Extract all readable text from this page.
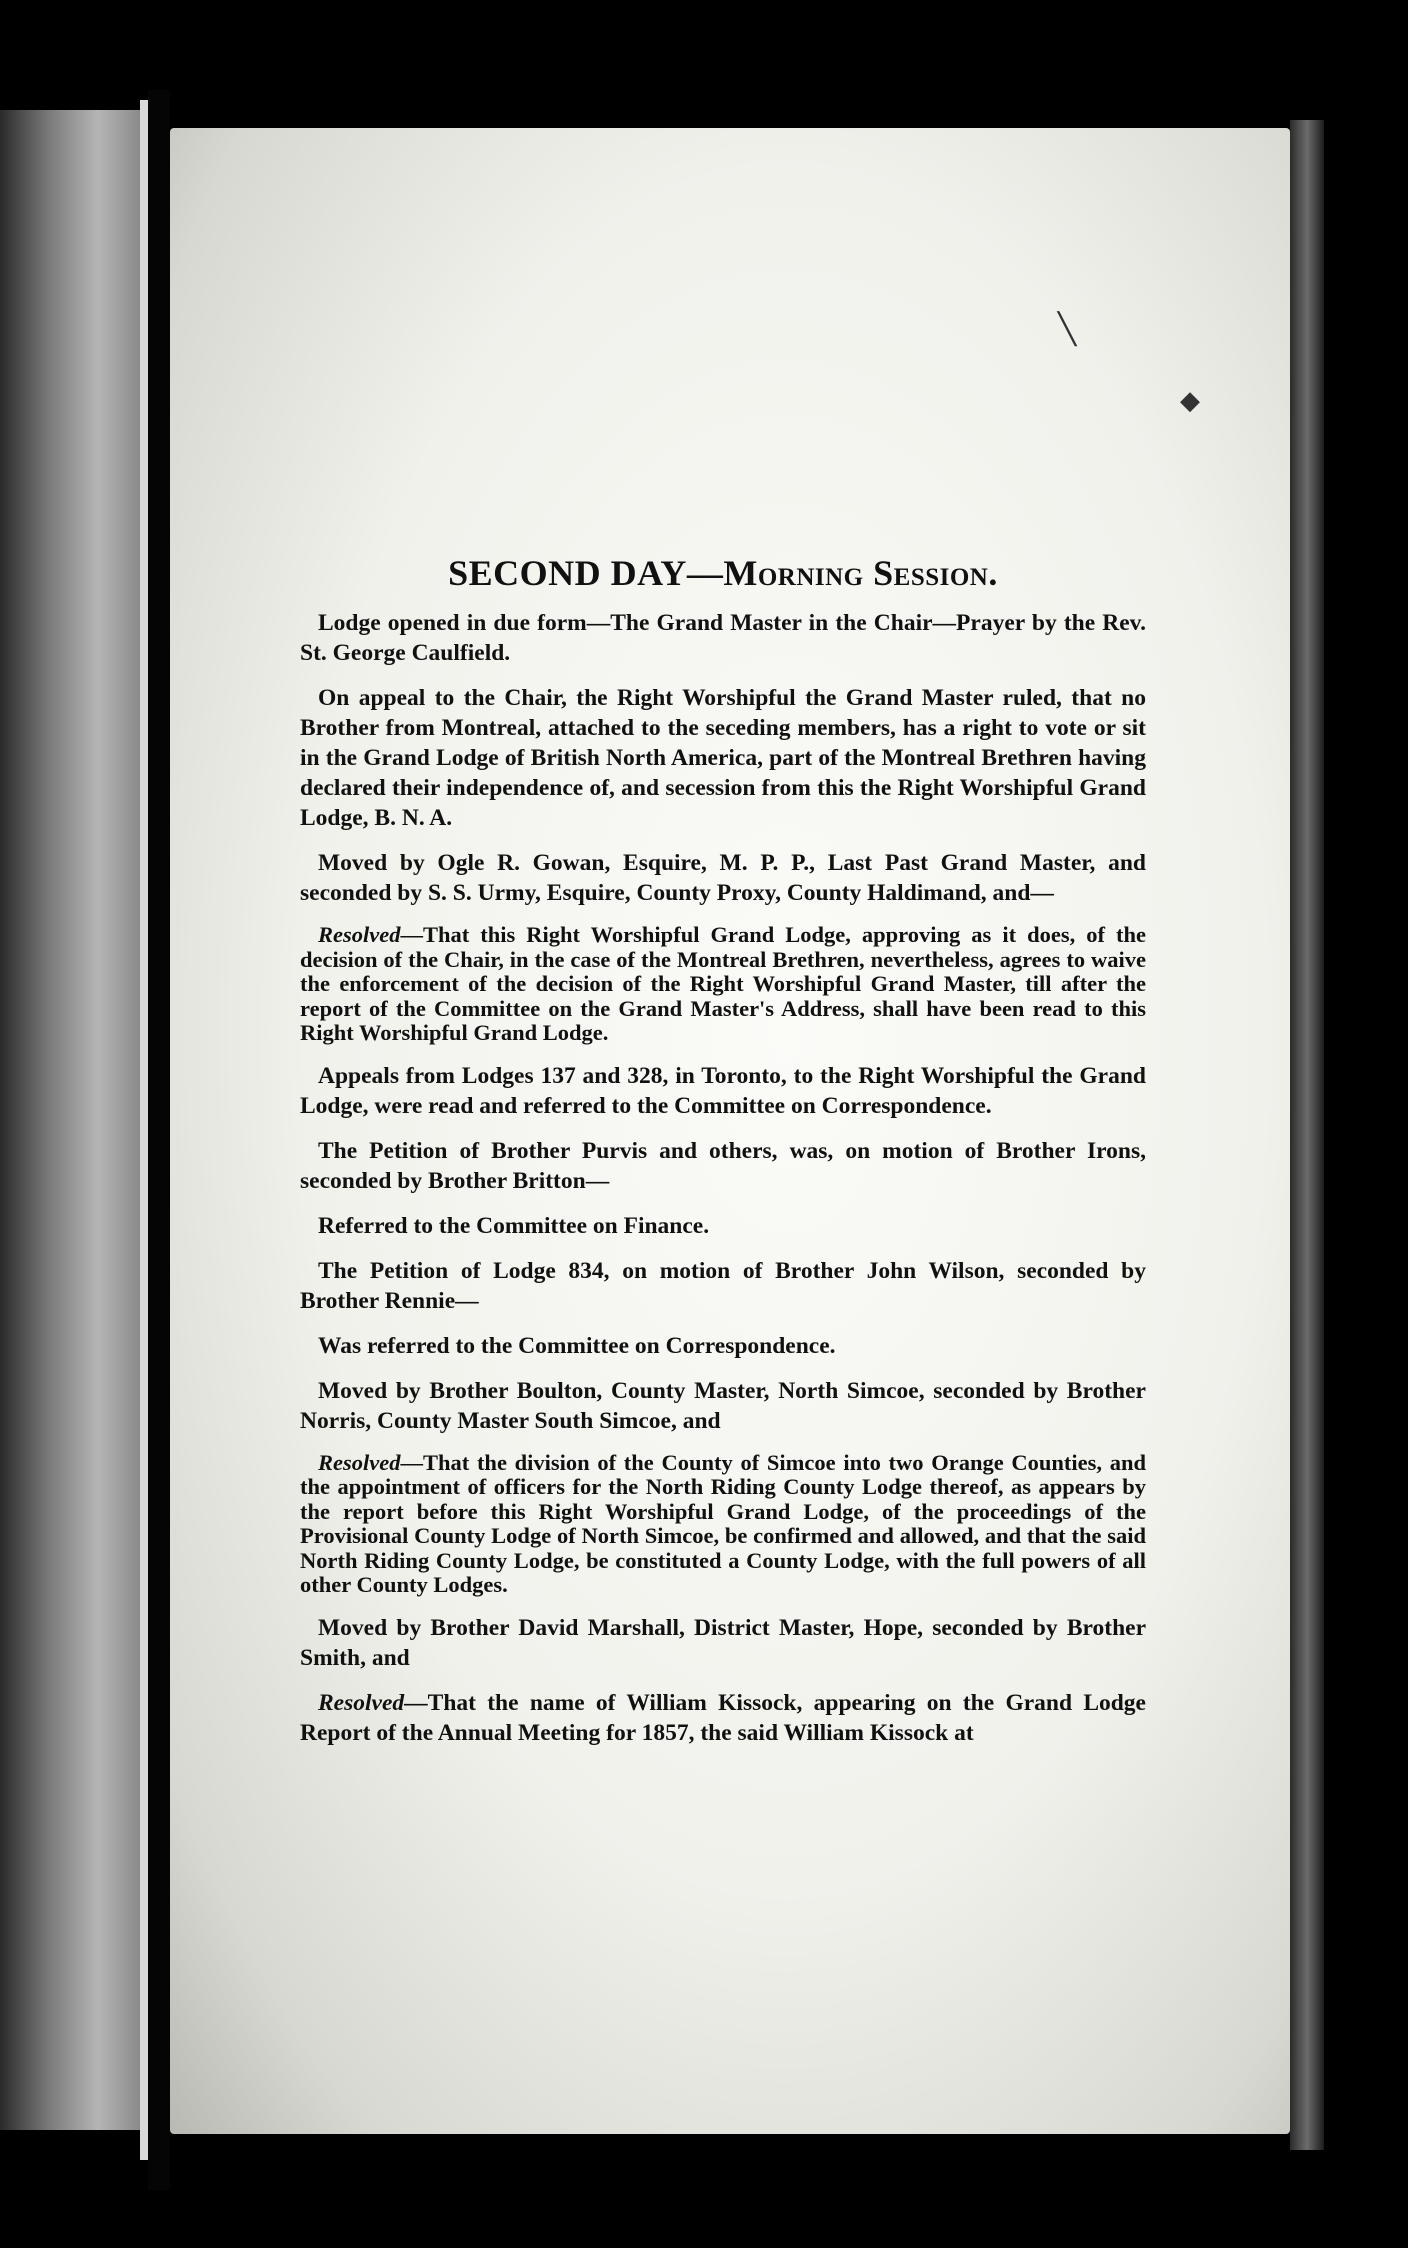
╲
◆
SECOND DAY—Morning Session.

Lodge opened in due form—The Grand Master in the Chair—Prayer by the Rev. St. George Caulfield.

On appeal to the Chair, the Right Worshipful the Grand Master ruled, that no Brother from Montreal, attached to the seceding members, has a right to vote or sit in the Grand Lodge of British North America, part of the Montreal Brethren having declared their independence of, and secession from this the Right Worshipful Grand Lodge, B. N. A.

Moved by Ogle R. Gowan, Esquire, M. P. P., Last Past Grand Master, and seconded by S. S. Urmy, Esquire, County Proxy, County Haldimand, and—

Resolved—That this Right Worshipful Grand Lodge, approving as it does, of the decision of the Chair, in the case of the Montreal Brethren, nevertheless, agrees to waive the enforcement of the decision of the Right Worshipful Grand Master, till after the report of the Committee on the Grand Master's Address, shall have been read to this Right Worshipful Grand Lodge.

Appeals from Lodges 137 and 328, in Toronto, to the Right Worshipful the Grand Lodge, were read and referred to the Committee on Correspondence.

The Petition of Brother Purvis and others, was, on motion of Brother Irons, seconded by Brother Britton—

Referred to the Committee on Finance.

The Petition of Lodge 834, on motion of Brother John Wilson, seconded by Brother Rennie—

Was referred to the Committee on Correspondence.

Moved by Brother Boulton, County Master, North Simcoe, seconded by Brother Norris, County Master South Simcoe, and

Resolved—That the division of the County of Simcoe into two Orange Counties, and the appointment of officers for the North Riding County Lodge thereof, as appears by the report before this Right Worshipful Grand Lodge, of the proceedings of the Provisional County Lodge of North Simcoe, be confirmed and allowed, and that the said North Riding County Lodge, be constituted a County Lodge, with the full powers of all other County Lodges.

Moved by Brother David Marshall, District Master, Hope, seconded by Brother Smith, and

Resolved—That the name of William Kissock, appearing on the Grand Lodge Report of the Annual Meeting for 1857, the said William Kissock at
